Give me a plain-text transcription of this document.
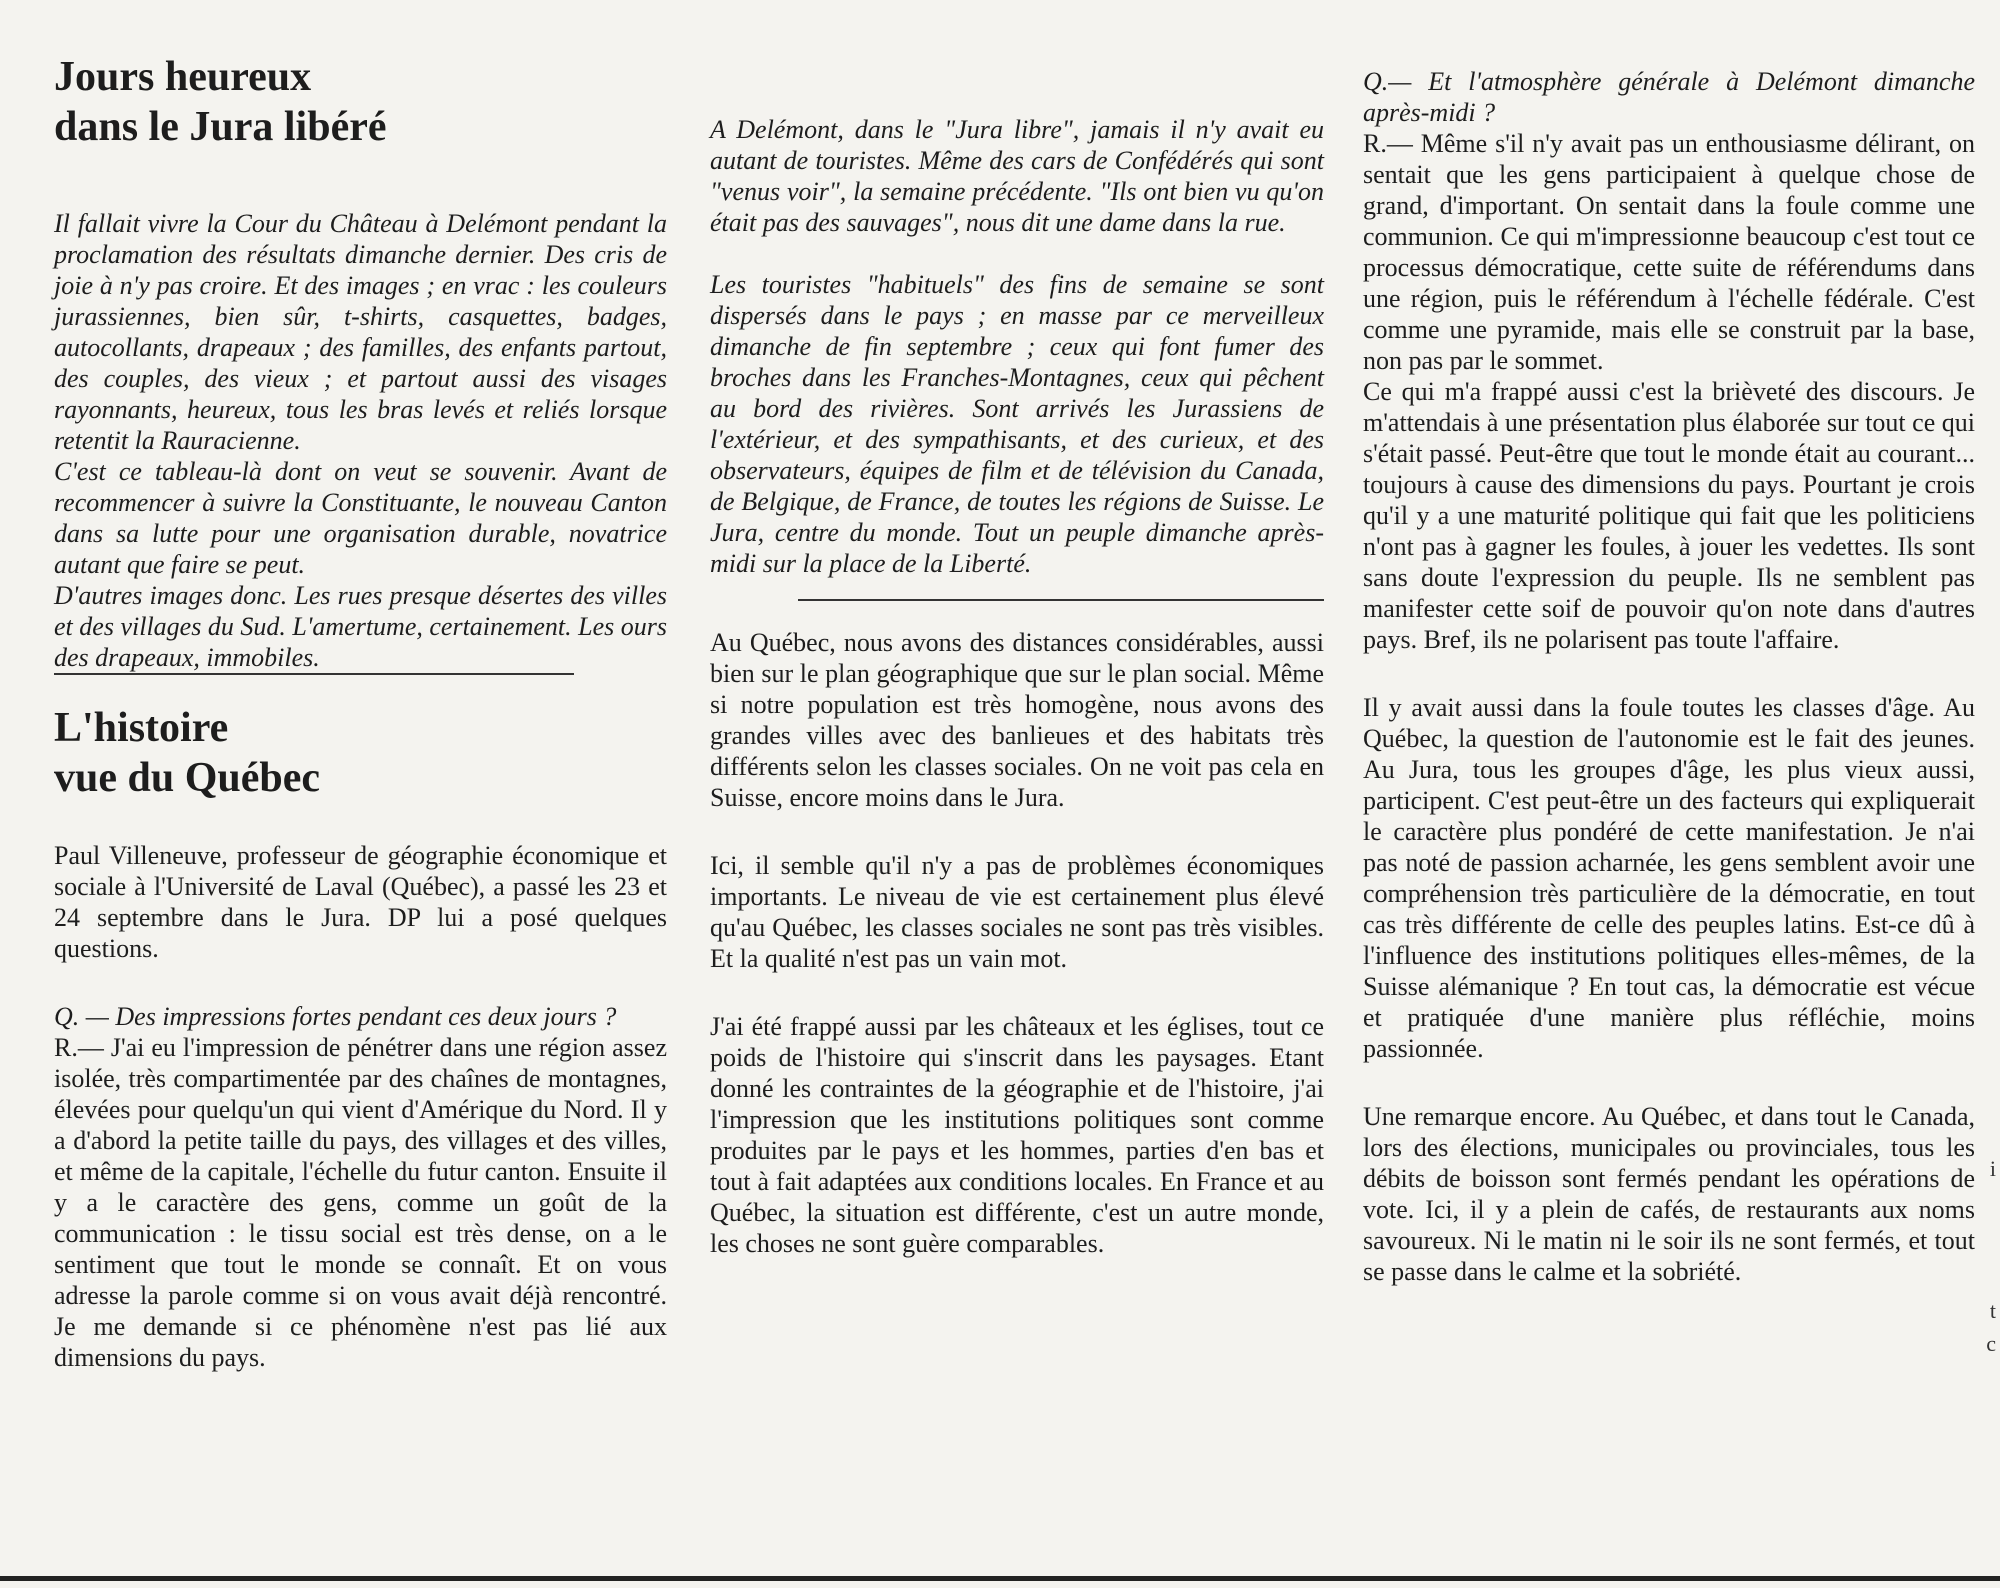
Jours heureux
dans le Jura libéré

Il fallait vivre la Cour du Château à Delémont pendant la proclamation des résultats dimanche dernier. Des cris de joie à n'y pas croire. Et des images ; en vrac : les couleurs jurassiennes, bien sûr, t-shirts, casquettes, badges, autocollants, drapeaux ; des familles, des enfants partout, des couples, des vieux ; et partout aussi des visages rayonnants, heureux, tous les bras levés et reliés lorsque retentit la Rauracienne.

C'est ce tableau-là dont on veut se souvenir. Avant de recommencer à suivre la Constituante, le nouveau Canton dans sa lutte pour une organisation durable, novatrice autant que faire se peut.

D'autres images donc. Les rues presque désertes des villes et des villages du Sud. L'amertume, certainement. Les ours des drapeaux, immobiles.

L'histoire
vue du Québec

Paul Villeneuve, professeur de géographie économique et sociale à l'Université de Laval (Québec), a passé les 23 et 24 septembre dans le Jura. DP lui a posé quelques questions.

Q. — Des impressions fortes pendant ces deux jours ?

R.— J'ai eu l'impression de pénétrer dans une région assez isolée, très compartimentée par des chaînes de montagnes, élevées pour quelqu'un qui vient d'Amérique du Nord. Il y a d'abord la petite taille du pays, des villages et des villes, et même de la capitale, l'échelle du futur canton. Ensuite il y a le caractère des gens, comme un goût de la communication : le tissu social est très dense, on a le sentiment que tout le monde se connaît. Et on vous adresse la parole comme si on vous avait déjà rencontré. Je me demande si ce phénomène n'est pas lié aux dimensions du pays.

A Delémont, dans le "Jura libre", jamais il n'y avait eu autant de touristes. Même des cars de Confédérés qui sont "venus voir", la semaine précédente. "Ils ont bien vu qu'on était pas des sauvages", nous dit une dame dans la rue.

Les touristes "habituels" des fins de semaine se sont dispersés dans le pays ; en masse par ce merveilleux dimanche de fin septembre ; ceux qui font fumer des broches dans les Franches-Montagnes, ceux qui pêchent au bord des rivières. Sont arrivés les Jurassiens de l'extérieur, et des sympathisants, et des curieux, et des observateurs, équipes de film et de télévision du Canada, de Belgique, de France, de toutes les régions de Suisse. Le Jura, centre du monde. Tout un peuple dimanche après-midi sur la place de la Liberté.

Au Québec, nous avons des distances considérables, aussi bien sur le plan géographique que sur le plan social. Même si notre population est très homogène, nous avons des grandes villes avec des banlieues et des habitats très différents selon les classes sociales. On ne voit pas cela en Suisse, encore moins dans le Jura.

Ici, il semble qu'il n'y a pas de problèmes économiques importants. Le niveau de vie est certainement plus élevé qu'au Québec, les classes sociales ne sont pas très visibles. Et la qualité n'est pas un vain mot.

J'ai été frappé aussi par les châteaux et les églises, tout ce poids de l'histoire qui s'inscrit dans les paysages. Etant donné les contraintes de la géographie et de l'histoire, j'ai l'impression que les institutions politiques sont comme produites par le pays et les hommes, parties d'en bas et tout à fait adaptées aux conditions locales. En France et au Québec, la situation est différente, c'est un autre monde, les choses ne sont guère comparables.

Q.— Et l'atmosphère générale à Delémont dimanche après-midi ?

R.— Même s'il n'y avait pas un enthousiasme délirant, on sentait que les gens participaient à quelque chose de grand, d'important. On sentait dans la foule comme une communion. Ce qui m'impressionne beaucoup c'est tout ce processus démocratique, cette suite de référendums dans une région, puis le référendum à l'échelle fédérale. C'est comme une pyramide, mais elle se construit par la base, non pas par le sommet.

Ce qui m'a frappé aussi c'est la brièveté des discours. Je m'attendais à une présentation plus élaborée sur tout ce qui s'était passé. Peut-être que tout le monde était au courant... toujours à cause des dimensions du pays. Pourtant je crois qu'il y a une maturité politique qui fait que les politiciens n'ont pas à gagner les foules, à jouer les vedettes. Ils sont sans doute l'expression du peuple. Ils ne semblent pas manifester cette soif de pouvoir qu'on note dans d'autres pays. Bref, ils ne polarisent pas toute l'affaire.

Il y avait aussi dans la foule toutes les classes d'âge. Au Québec, la question de l'autonomie est le fait des jeunes. Au Jura, tous les groupes d'âge, les plus vieux aussi, participent. C'est peut-être un des facteurs qui expliquerait le caractère plus pondéré de cette manifestation. Je n'ai pas noté de passion acharnée, les gens semblent avoir une compréhension très particulière de la démocratie, en tout cas très différente de celle des peuples latins. Est-ce dû à l'influence des institutions politiques elles-mêmes, de la Suisse alémanique ? En tout cas, la démocratie est vécue et pratiquée d'une manière plus réfléchie, moins passionnée.

Une remarque encore. Au Québec, et dans tout le Canada, lors des élections, municipales ou provinciales, tous les débits de boisson sont fermés pendant les opérations de vote. Ici, il y a plein de cafés, de restaurants aux noms savoureux. Ni le matin ni le soir ils ne sont fermés, et tout se passe dans le calme et la sobriété.

i
t
c
